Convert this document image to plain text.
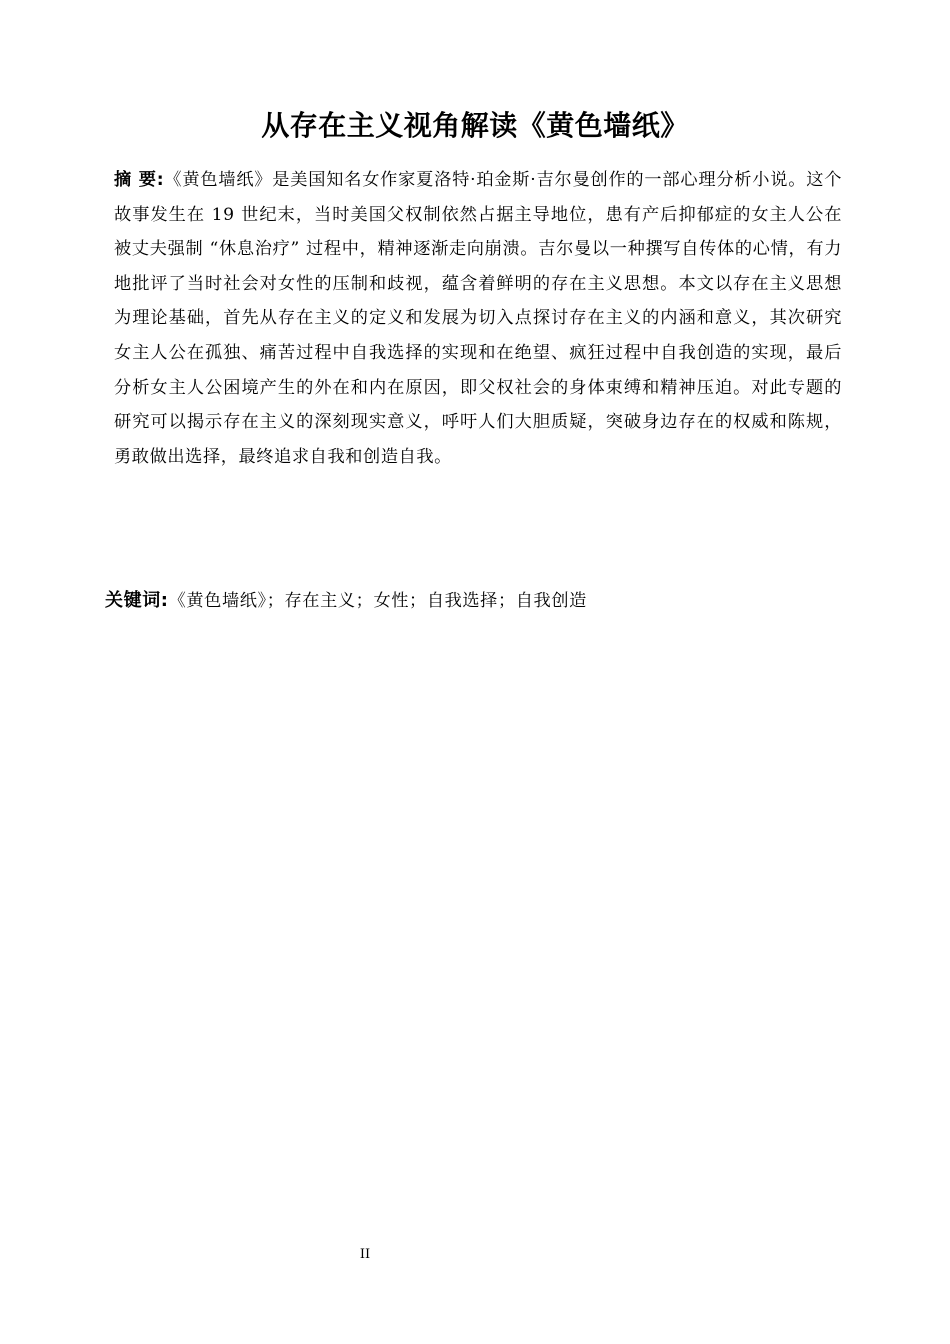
从存在主义视角解读《黄色墙纸》
摘 要:《黄色墙纸》是美国知名女作家夏洛特·珀金斯·吉尔曼创作的一部心理分析小说。这个故事发生在 19 世纪末，当时美国父权制依然占据主导地位，患有产后抑郁症的女主人公在被丈夫强制 “休息治疗” 过程中，精神逐渐走向崩溃。吉尔曼以一种撰写自传体的心情，有力地批评了当时社会对女性的压制和歧视，蕴含着鲜明的存在主义思想。本文以存在主义思想为理论基础，首先从存在主义的定义和发展为切入点探讨存在主义的内涵和意义，其次研究女主人公在孤独、痛苦过程中自我选择的实现和在绝望、疯狂过程中自我创造的实现，最后分析女主人公困境产生的外在和内在原因，即父权社会的身体束缚和精神压迫。对此专题的研究可以揭示存在主义的深刻现实意义，呼吁人们大胆质疑，突破身边存在的权威和陈规，勇敢做出选择，最终追求自我和创造自我。
关键词:《黄色墙纸》；存在主义；女性；自我选择；自我创造
II
